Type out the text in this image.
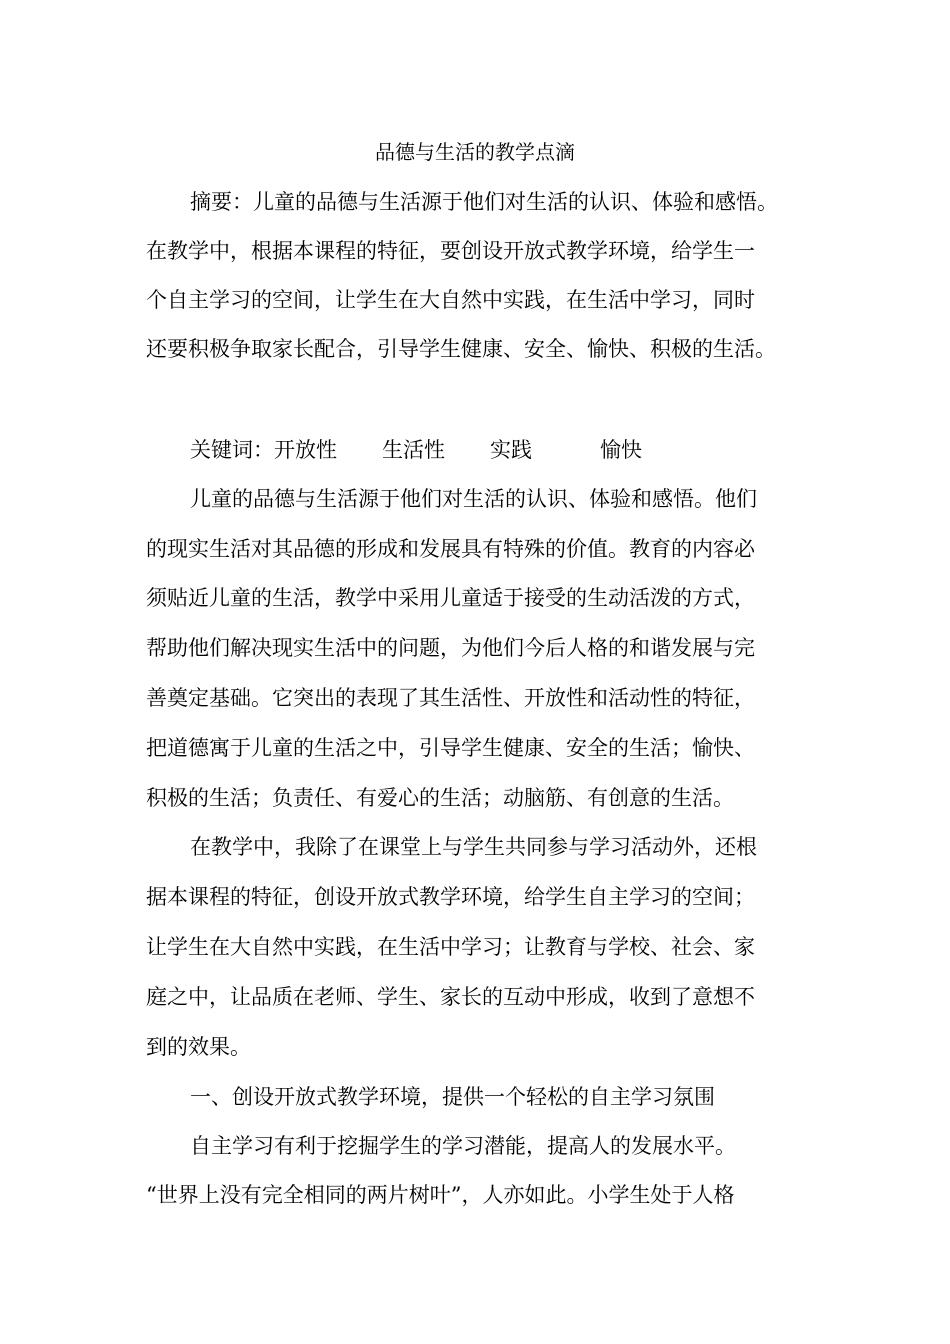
品德与生活的教学点滴

摘要：儿童的品德与生活源于他们对生活的认识、体验和感悟。

在教学中，根据本课程的特征，要创设开放式教学环境，给学生一

个自主学习的空间，让学生在大自然中实践，在生活中学习，同时

还要积极争取家长配合，引导学生健康、安全、愉快、积极的生活。

关键词：开放性 生活性 实践	愉快

儿童的品德与生活源于他们对生活的认识、体验和感悟。他们

的现实生活对其品德的形成和发展具有特殊的价值。教育的内容必

须贴近儿童的生活，教学中采用儿童适于接受的生动活泼的方式，

帮助他们解决现实生活中的问题，为他们今后人格的和谐发展与完

善奠定基础。它突出的表现了其生活性、开放性和活动性的特征，

把道德寓于儿童的生活之中，引导学生健康、安全的生活；愉快、

积极的生活；负责任、有爱心的生活；动脑筋、有创意的生活。

在教学中，我除了在课堂上与学生共同参与学习活动外，还根

据本课程的特征，创设开放式教学环境，给学生自主学习的空间；

让学生在大自然中实践，在生活中学习；让教育与学校、社会、家

庭之中，让品质在老师、学生、家长的互动中形成，收到了意想不

到的效果。

一、创设开放式教学环境，提供一个轻松的自主学习氛围

自主学习有利于挖掘学生的学习潜能，提高人的发展水平。

“世界上没有完全相同的两片树叶”，人亦如此。小学生处于人格
